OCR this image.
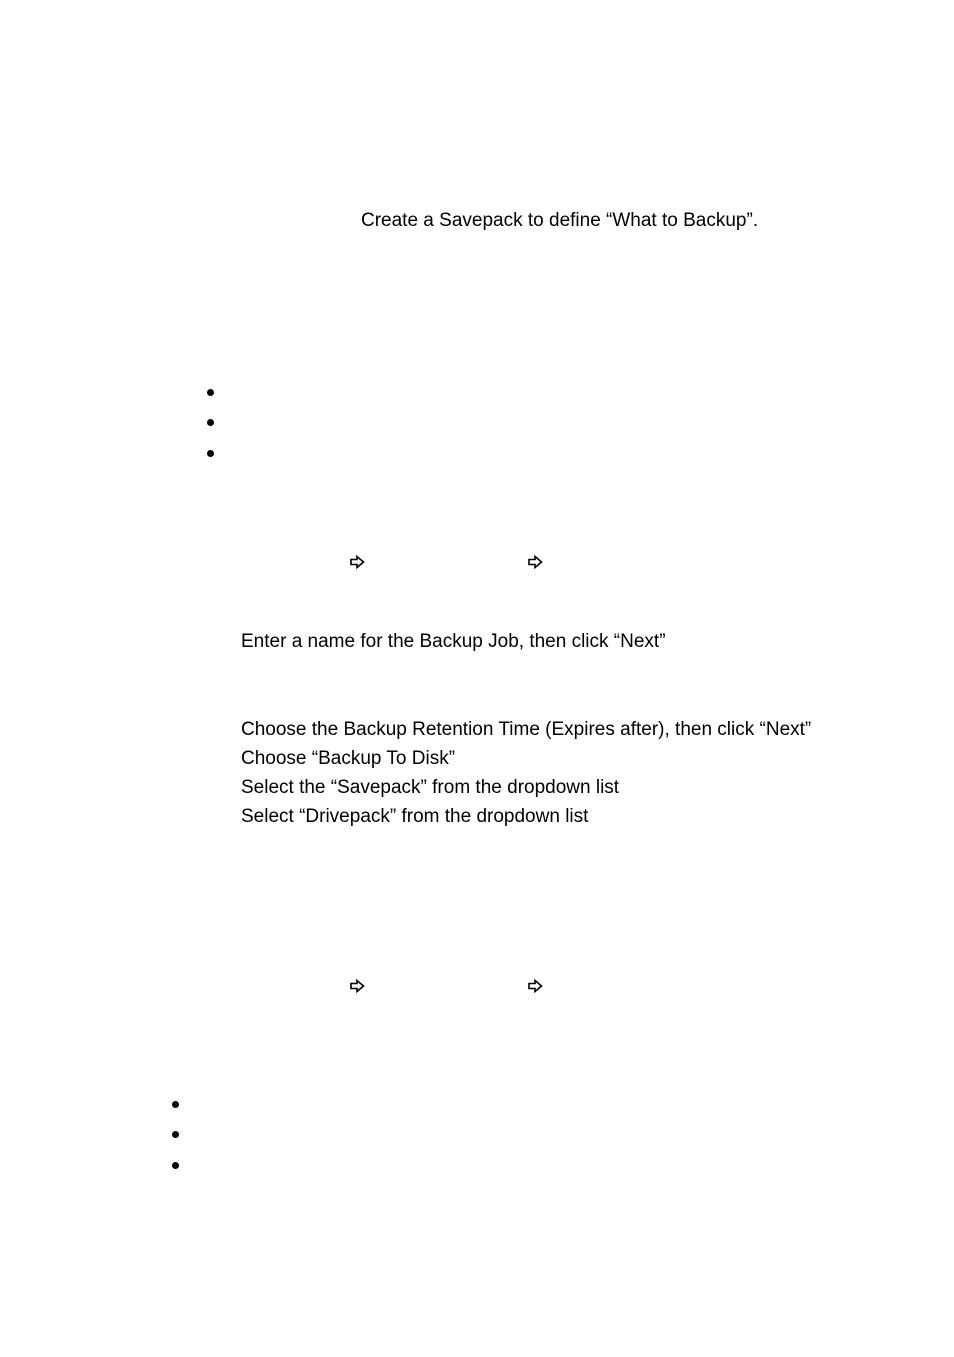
Create a Savepack to define “What to Backup”.
Enter a name for the Backup Job, then click “Next”
Choose the Backup Retention Time (Expires after), then click “Next”
Choose “Backup To Disk”
Select the “Savepack” from the dropdown list
Select “Drivepack” from the dropdown list
